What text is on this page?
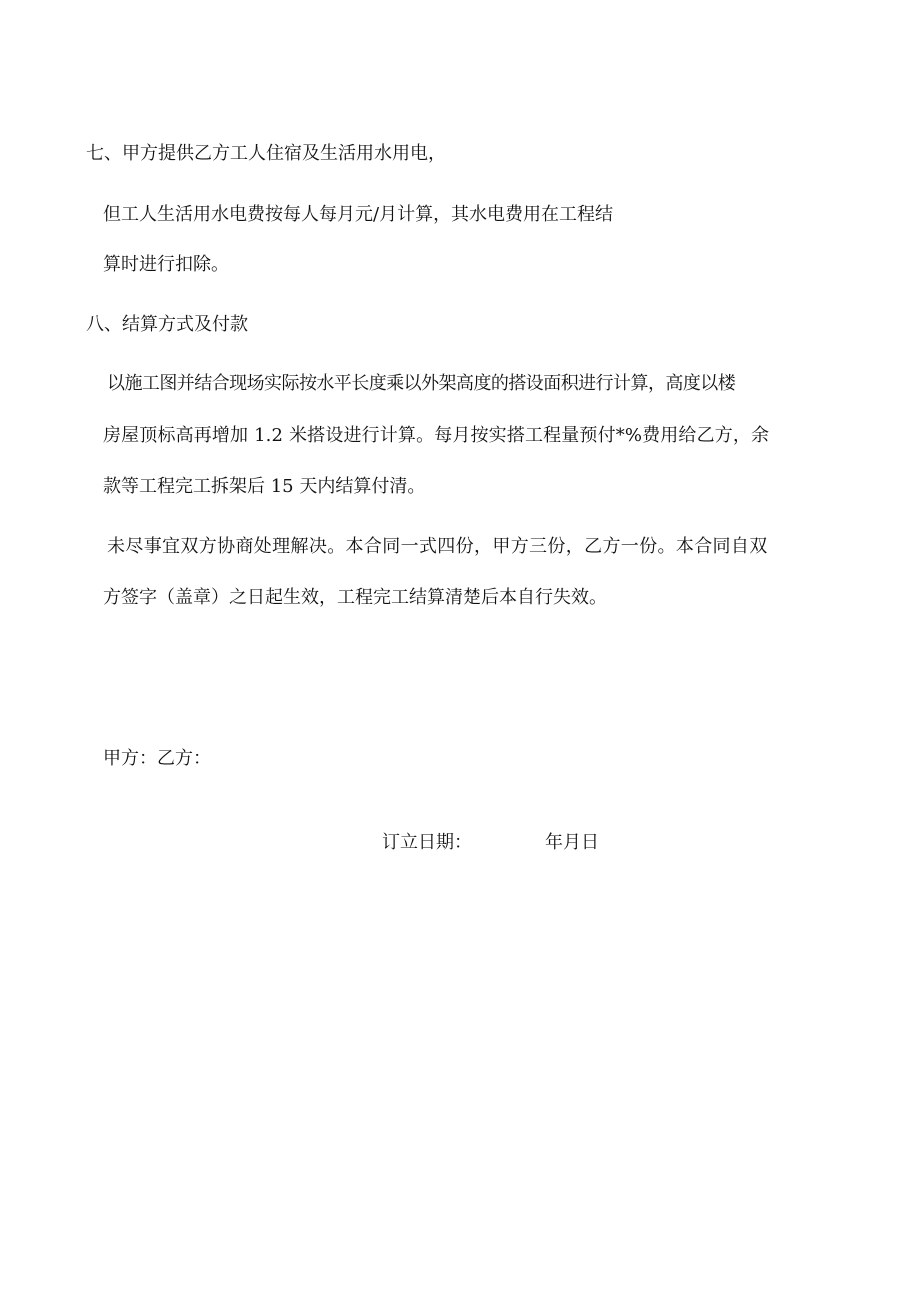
七、甲方提供乙方工人住宿及生活用水用电，
但工人生活用水电费按每人每月元/月计算，其水电费用在工程结
算时进行扣除。
八、结算方式及付款
以施工图并结合现场实际按水平长度乘以外架高度的搭设面积进行计算，高度以楼
房屋顶标高再增加 1.2 米搭设进行计算。每月按实搭工程量预付*%费用给乙方，余
款等工程完工拆架后 15 天内结算付清。
未尽事宜双方协商处理解决。本合同一式四份，甲方三份，乙方一份。本合同自双
方签字（盖章）之日起生效，工程完工结算清楚后本自行失效。
甲方：乙方：
订立日期：	年月日
